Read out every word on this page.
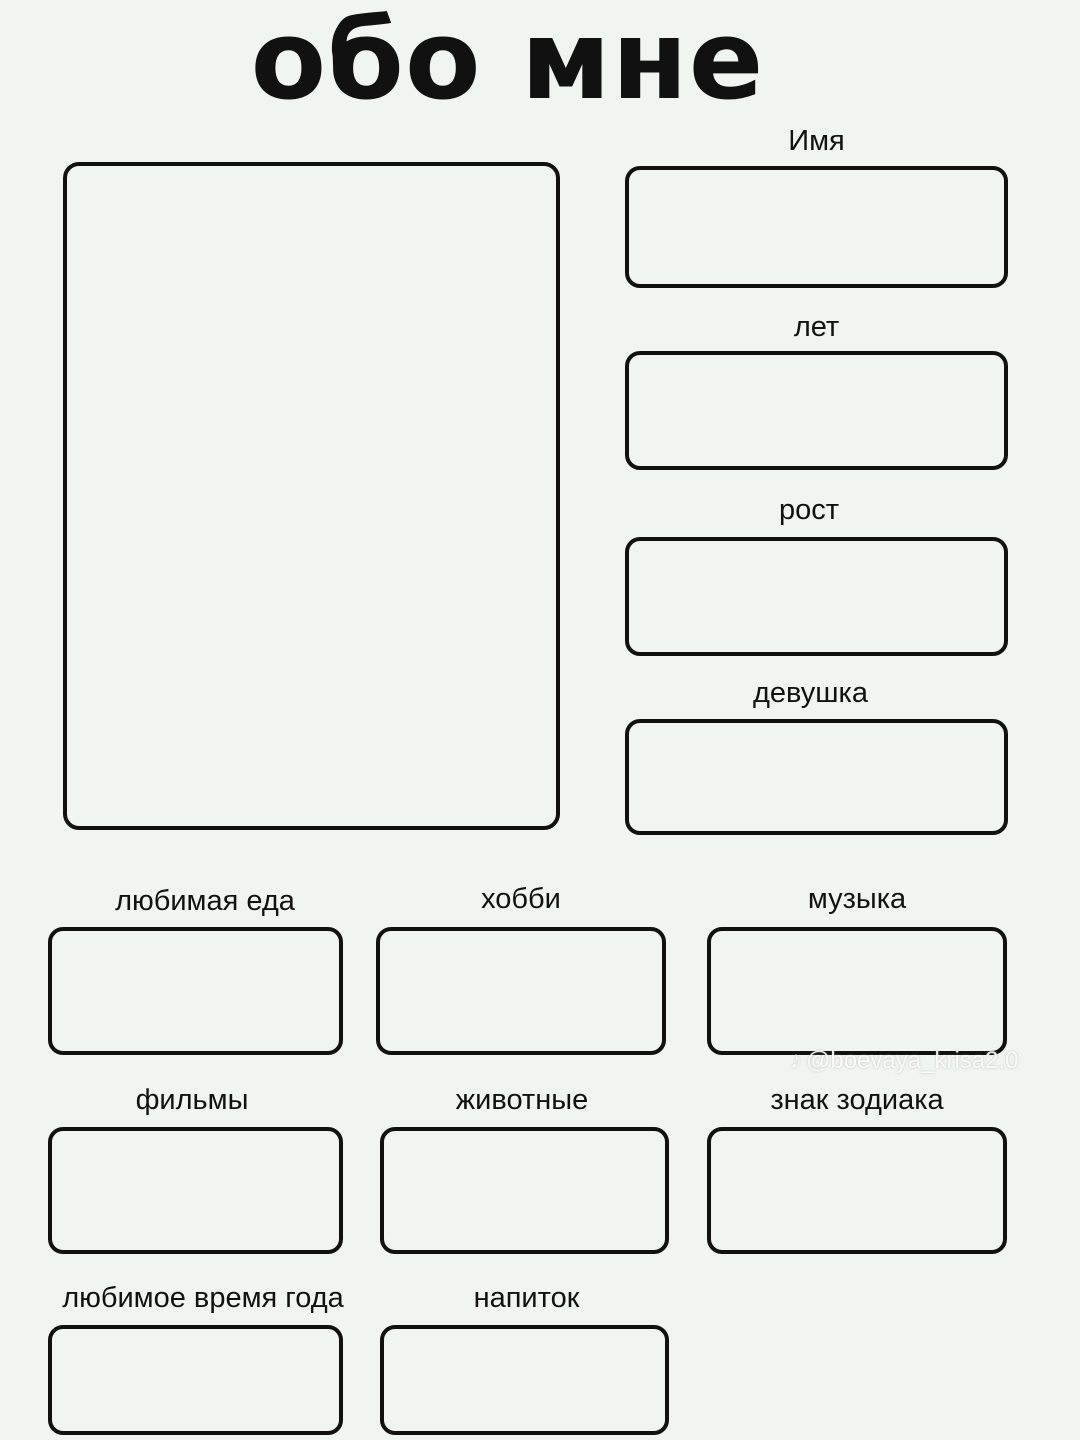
обо мне
Имя
лет
рост
девушка
любимая еда	хобби	музыка
фильмы	животные	знак зодиака
любимое время года	напиток
♪ @boevaya_krisa2.0
